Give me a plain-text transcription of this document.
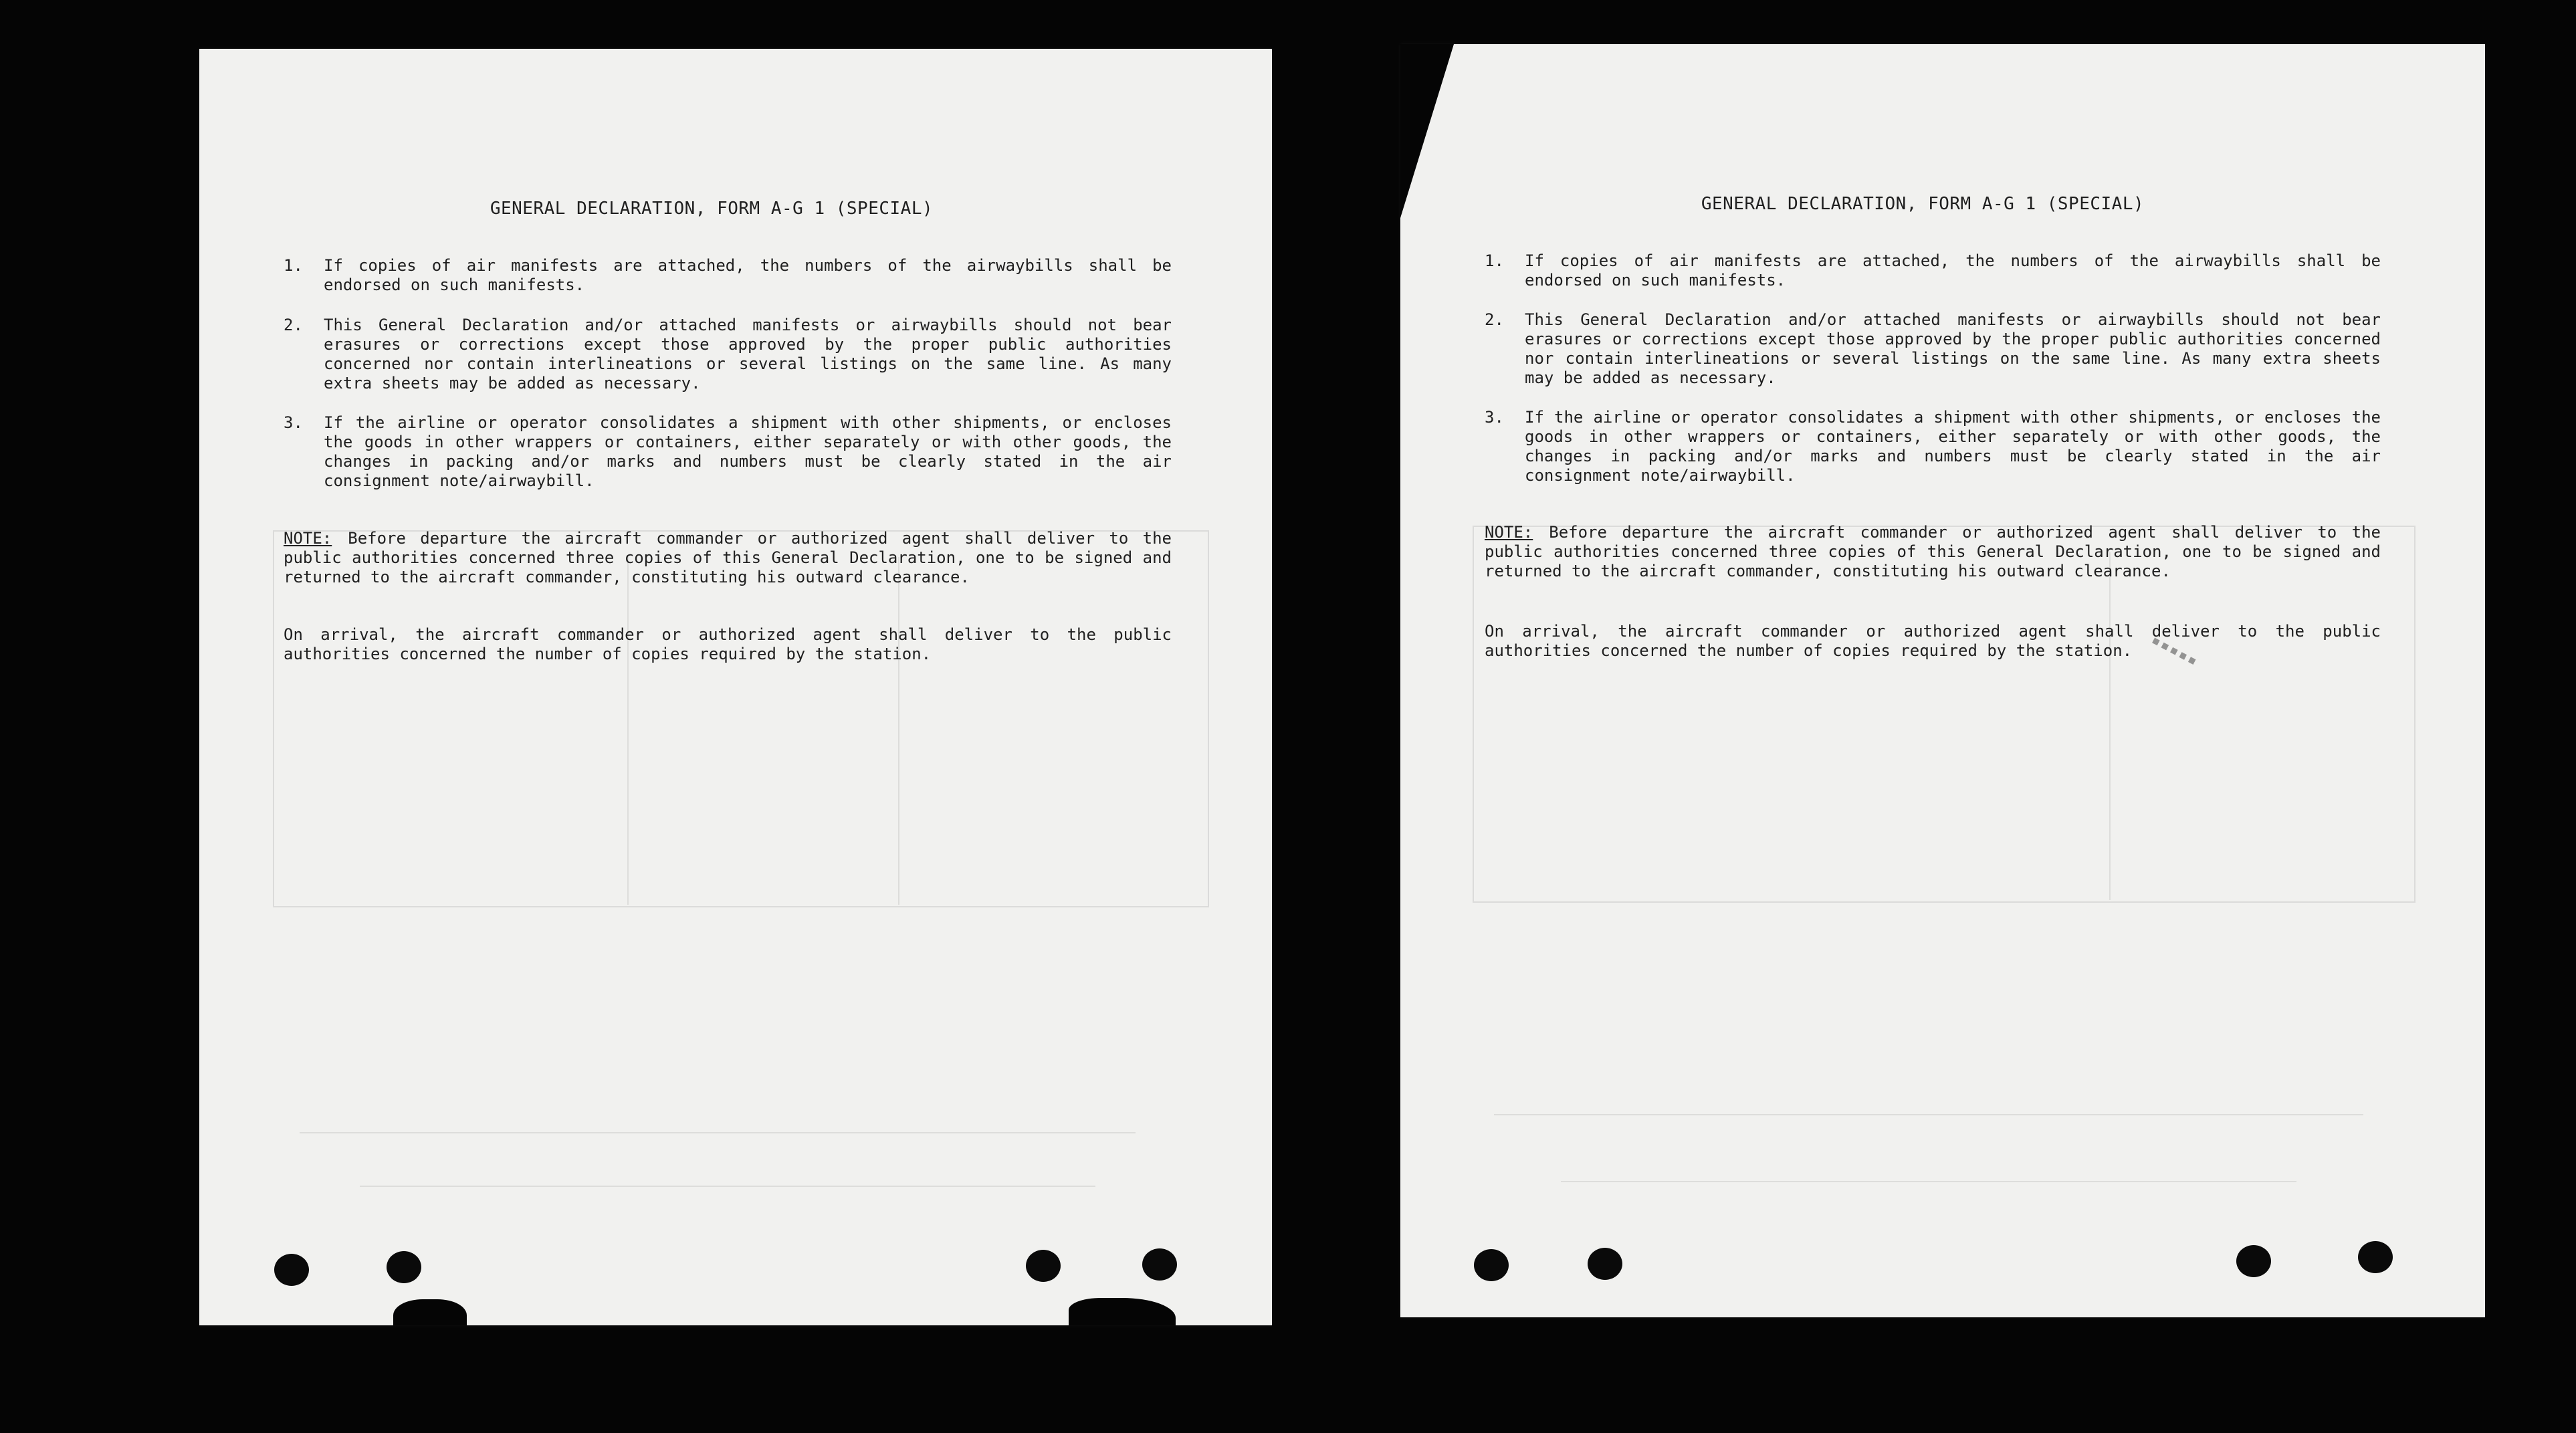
GENERAL DECLARATION, FORM A-G 1 (SPECIAL)
1.	If copies of air manifests are attached, the numbers of the airwaybills shall be endorsed on such manifests.
2.	This General Declaration and/or attached manifests or airwaybills should not bear erasures or corrections except those approved by the proper public authorities concerned nor contain interlineations or several listings on the same line. As many extra sheets may be added as necessary.
3.	If the airline or operator consolidates a shipment with other shipments, or encloses the goods in other wrappers or containers, either separately or with other goods, the changes in packing and/or marks and numbers must be clearly stated in the air consignment note/airwaybill.
NOTE: Before departure the aircraft commander or authorized agent shall deliver to the public authorities concerned three copies of this General Declaration, one to be signed and returned to the aircraft commander, constituting his outward clearance.
On arrival, the aircraft commander or authorized agent shall deliver to the public authorities concerned the number of copies required by the station.
GENERAL DECLARATION, FORM A-G 1 (SPECIAL)
1.	If copies of air manifests are attached, the numbers of the airwaybills shall be endorsed on such manifests.
2.	This General Declaration and/or attached manifests or airwaybills should not bear erasures or corrections except those approved by the proper public authorities concerned nor contain interlineations or several listings on the same line. As many extra sheets may be added as necessary.
3.	If the airline or operator consolidates a shipment with other shipments, or encloses the goods in other wrappers or containers, either separately or with other goods, the changes in packing and/or marks and numbers must be clearly stated in the air consignment note/airwaybill.
NOTE: Before departure the aircraft commander or authorized agent shall deliver to the public authorities concerned three copies of this General Declaration, one to be signed and returned to the aircraft commander, constituting his outward clearance.
On arrival, the aircraft commander or authorized agent shall deliver to the public authorities concerned the number of copies required by the station.	▪▪▪▪▪
